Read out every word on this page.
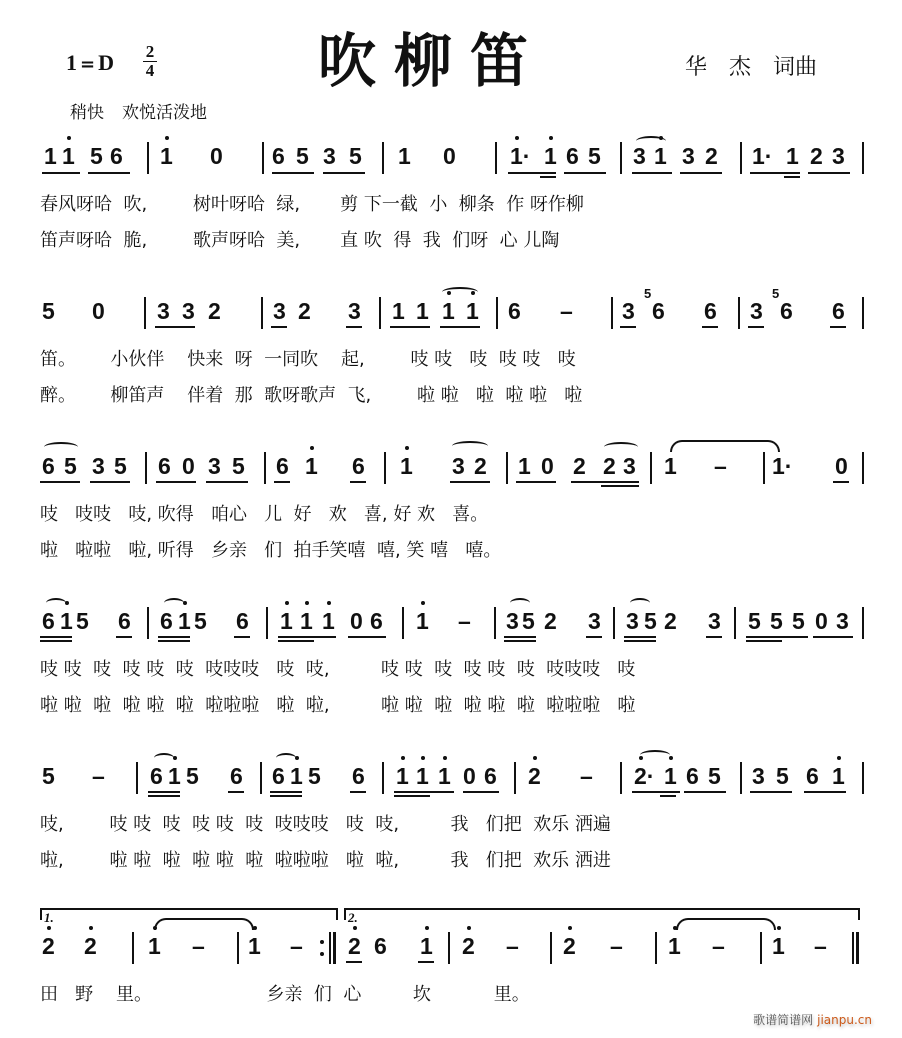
1 = D 2
4	吹柳笛	华 杰 词曲
稍快 欢悦活泼地
1 1 5 6 1 0 6 5 3 5 1 0 1· 1 6 5 3 1 3 2 1· 1 2 3
春风呀哈  吹,        树叶呀哈  绿,       剪 下一截  小  柳条  作 呀作柳
笛声呀哈  脆,        歌声呀哈  美,       直 吹  得  我  们呀  心 儿陶
5 0 3 3 2 3 2 3 1 1 1 1 6 – 3 6 6 3 6 6
笛。      小伙伴    快来  呀  一同吹    起,        吱 吱   吱  吱 吱   吱
醉。      柳笛声    伴着  那  歌呀歌声  飞,        啦 啦   啦  啦 啦   啦
6 5 3 5 6 0 3 5 6 1 6 1 3 2 1 0 2 2 3 1 – 1· 0
吱   吱吱   吱, 吹得   咱心   儿  好   欢   喜, 好 欢   喜。
啦   啦啦   啦, 听得   乡亲   们  拍手笑嘻  嘻, 笑 嘻   嘻。
6 1 5 6 6 1 5 6 1 1 1 0 6 1 – 3 5 2 3 3 5 2 3 5 5 5 0 3
吱 吱  吱  吱 吱  吱  吱吱吱   吱  吱,         吱 吱  吱  吱 吱  吱  吱吱吱   吱
啦 啦  啦  啦 啦  啦  啦啦啦   啦  啦,         啦 啦  啦  啦 啦  啦  啦啦啦   啦
5 – 6 1 5 6 6 1 5 6 1 1 1 0 6 2 – 2· 1 6 5 3 5 6 1
吱,        吱 吱  吱  吱 吱  吱  吱吱吱   吱  吱,         我   们把  欢乐 洒遍
啦,        啦 啦  啦  啦 啦  啦  啦啦啦   啦  啦,         我   们把  欢乐 洒进
2 2 1 – 1 – 2 6 1 2 – 2 – 1 – 1 –
田   野    里。                    乡亲  们  心         坎           里。
5	5
1.	2.
歌谱简谱网 jianpu.cn
